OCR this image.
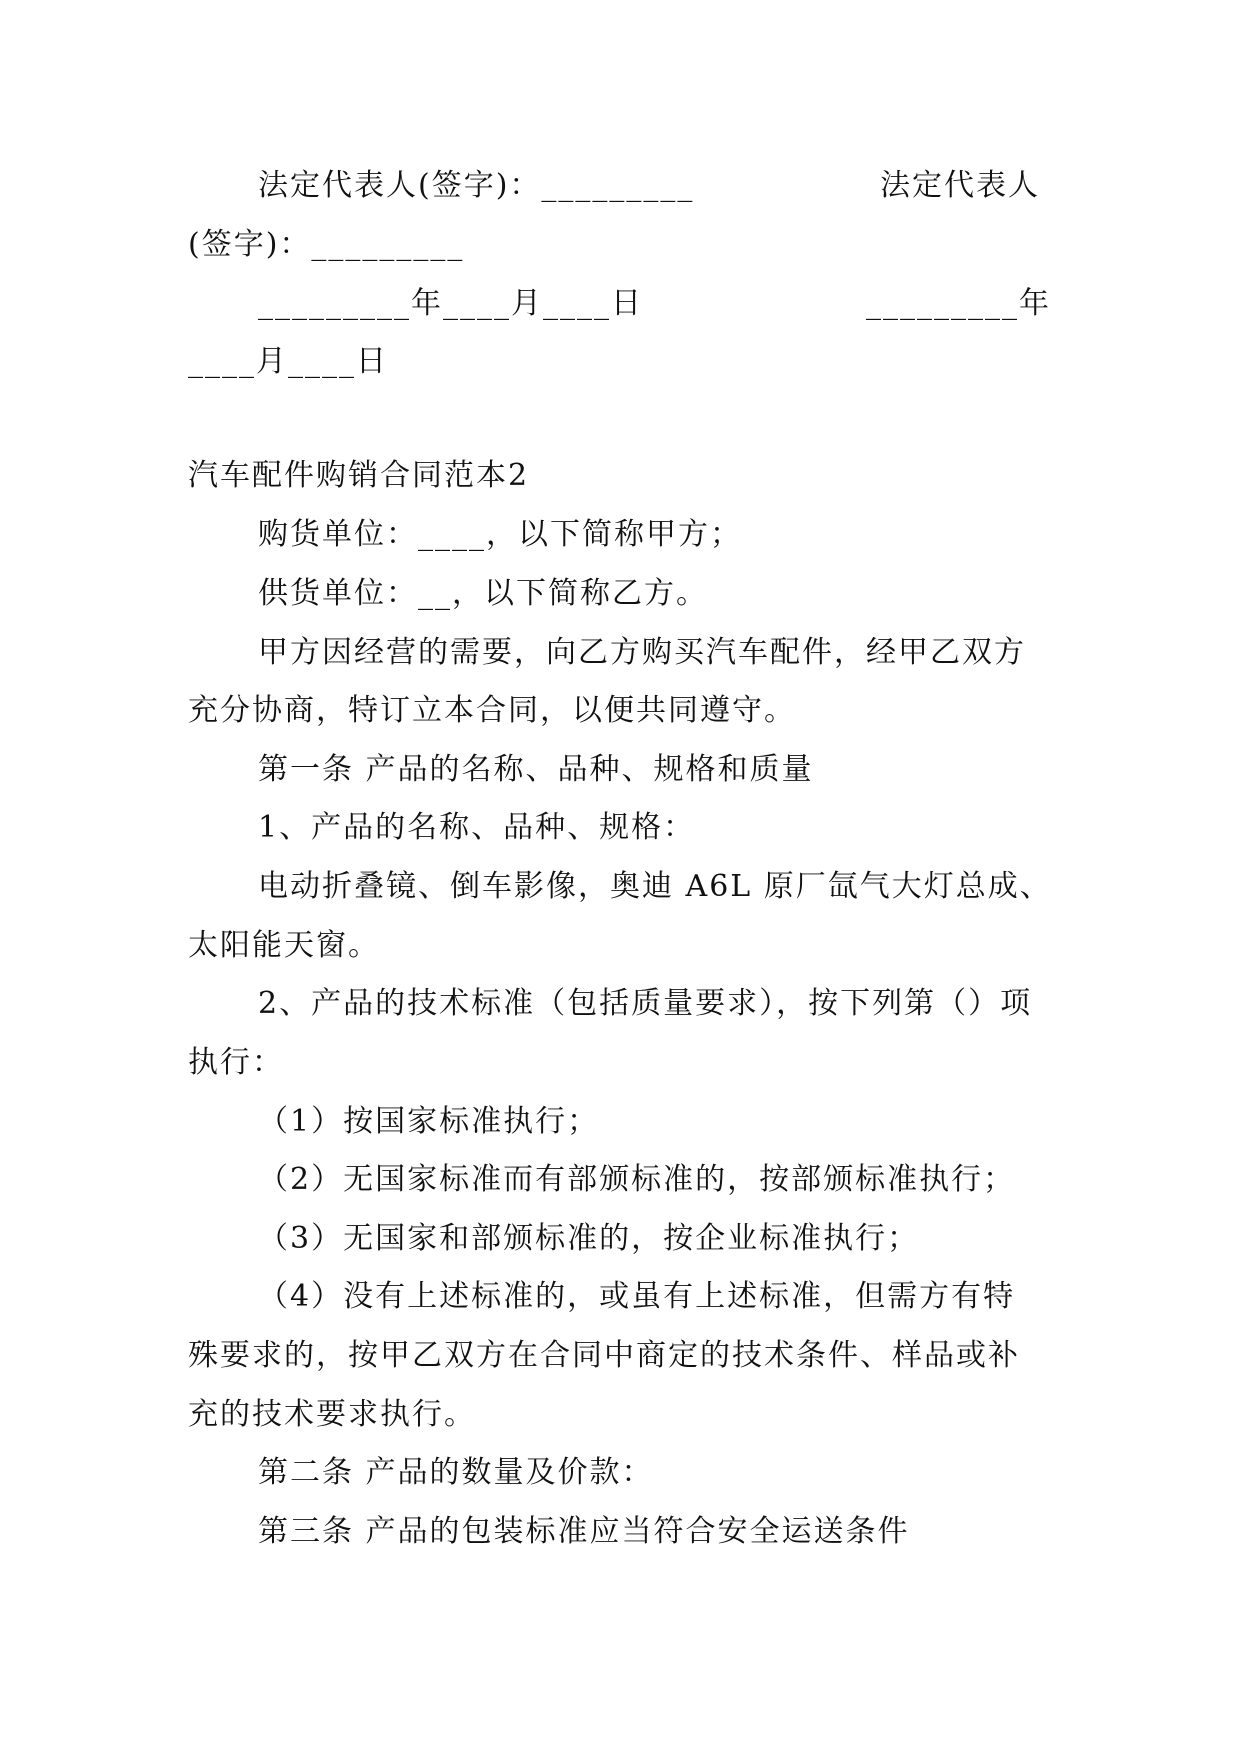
法定代表人(签字)：_________	法定代表人
(签字)：_________
_________年____月____日	_________年
____月____日
汽车配件购销合同范本2
购货单位：____，以下简称甲方；
供货单位：__，以下简称乙方。
甲方因经营的需要，向乙方购买汽车配件，经甲乙双方
充分协商，特订立本合同，以便共同遵守。
第一条 产品的名称、品种、规格和质量
1、产品的名称、品种、规格：
电动折叠镜、倒车影像，奥迪 A6L 原厂氙气大灯总成、
太阳能天窗。
2、产品的技术标准（包括质量要求），按下列第（）项
执行：
（1）按国家标准执行；
（2）无国家标准而有部颁标准的，按部颁标准执行；
（3）无国家和部颁标准的，按企业标准执行；
（4）没有上述标准的，或虽有上述标准，但需方有特
殊要求的，按甲乙双方在合同中商定的技术条件、样品或补
充的技术要求执行。
第二条 产品的数量及价款：
第三条 产品的包装标准应当符合安全运送条件
